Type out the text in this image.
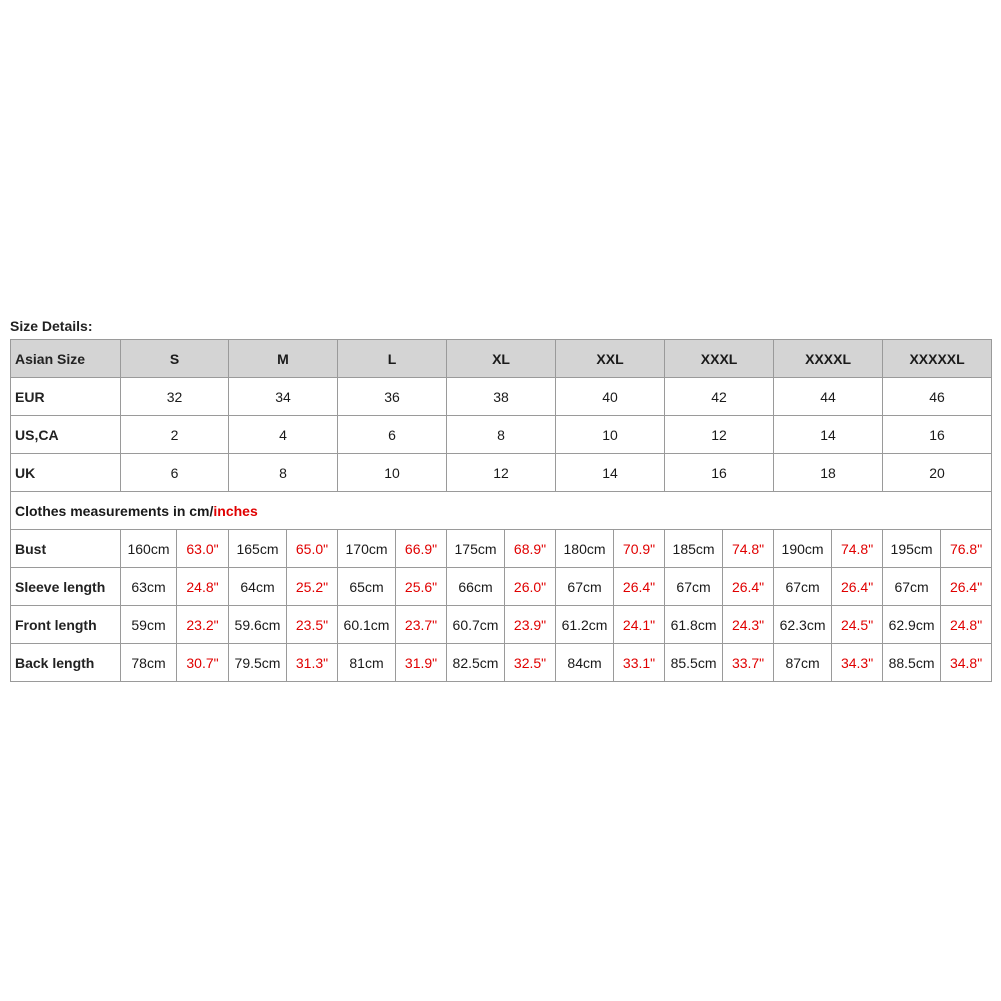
Size Details:
Asian Size	S		M		L		XL		XXL		XXXL		XXXXL		XXXXXL	
EUR	32		34		36		38		40		42		44		46	
US,CA	2		4		6		8		10		12		14		16	
UK	6		8		10		12		14		16		18		20	
Clothes measurements in cm/inches																
Bust	160cm	63.0"	165cm	65.0"	170cm	66.9"	175cm	68.9"	180cm	70.9"	185cm	74.8"	190cm	74.8"	195cm	76.8"
Sleeve length	63cm	24.8"	64cm	25.2"	65cm	25.6"	66cm	26.0"	67cm	26.4"	67cm	26.4"	67cm	26.4"	67cm	26.4"
Front length	59cm	23.2"	59.6cm	23.5"	60.1cm	23.7"	60.7cm	23.9"	61.2cm	24.1"	61.8cm	24.3"	62.3cm	24.5"	62.9cm	24.8"
Back length	78cm	30.7"	79.5cm	31.3"	81cm	31.9"	82.5cm	32.5"	84cm	33.1"	85.5cm	33.7"	87cm	34.3"	88.5cm	34.8"
